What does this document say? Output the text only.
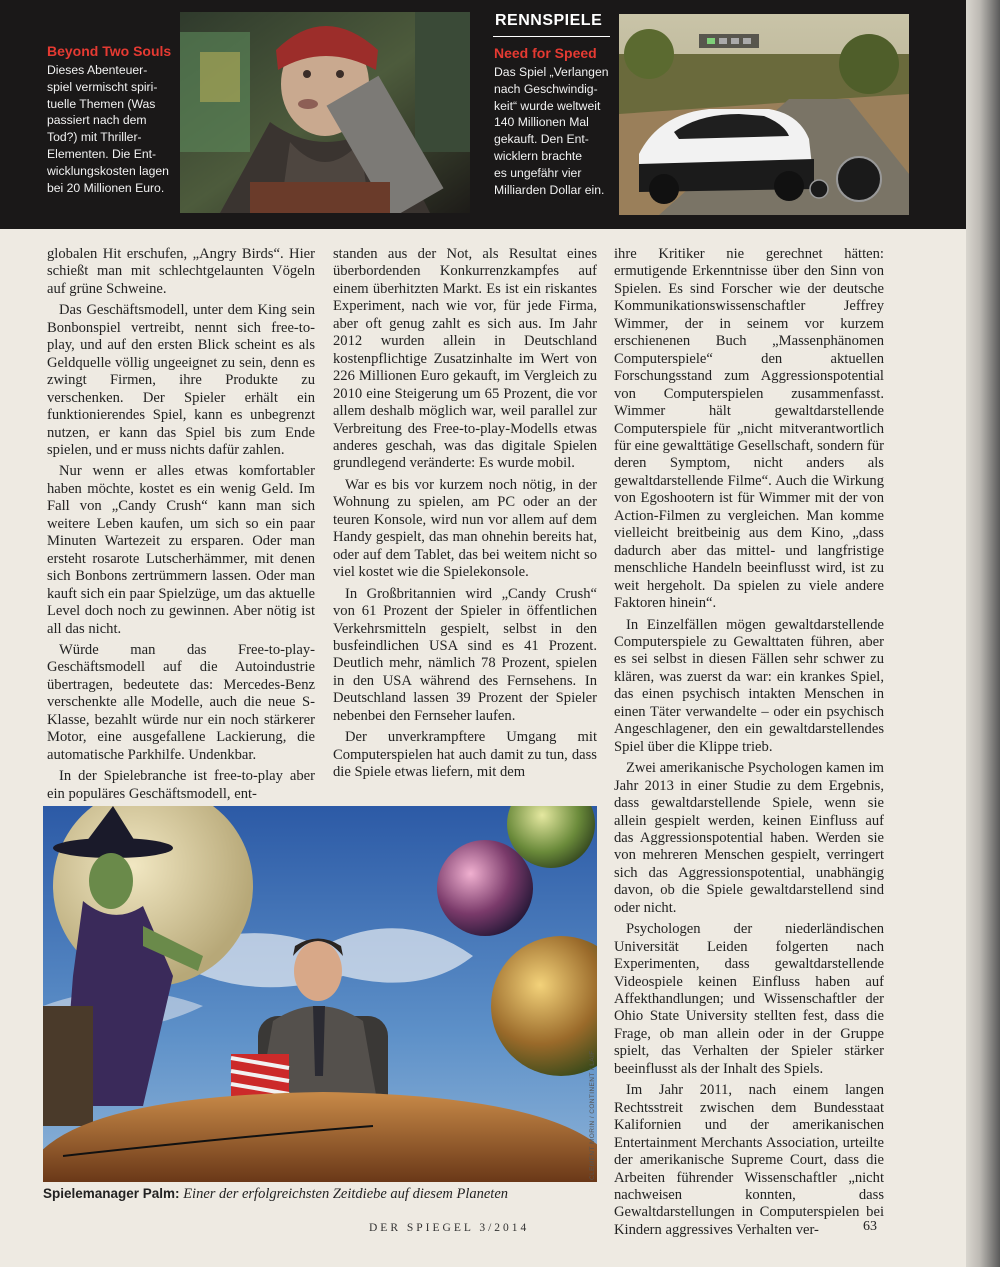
Beyond Two Souls
Dieses Abenteuer-
spiel vermischt spiri-
tuelle Themen (Was
passiert nach dem
Tod?) mit Thriller-
Elementen. Die Ent-
wicklungskosten lagen
bei 20 Millionen Euro.
RENNSPIELE
Need for Speed
Das Spiel „Verlangen
nach Geschwindig-
keit“ wurde weltweit
140 Millionen Mal
gekauft. Den Ent-
wicklern brachte
es ungefähr vier
Milliarden Dollar ein.

globalen Hit erschufen, „Angry Birds“. Hier schießt man mit schlechtgelaunten Vögeln auf grüne Schweine.

Das Geschäftsmodell, unter dem King sein Bonbonspiel vertreibt, nennt sich free-to-play, und auf den ersten Blick scheint es als Geldquelle völlig ungeeignet zu sein, denn es zwingt Firmen, ihre Produkte zu verschenken. Der Spieler erhält ein funktionierendes Spiel, kann es unbegrenzt nutzen, er kann das Spiel bis zum Ende spielen, und er muss nichts dafür zahlen.

Nur wenn er alles etwas komfortabler haben möchte, kostet es ein wenig Geld. Im Fall von „Candy Crush“ kann man sich weitere Leben kaufen, um sich so ein paar Minuten Wartezeit zu ersparen. Oder man ersteht rosarote Lutscherhämmer, mit denen sich Bonbons zertrümmern lassen. Oder man kauft sich ein paar Spielzüge, um das aktuelle Level doch noch zu gewinnen. Aber nötig ist all das nicht.

Würde man das Free-to-play-Geschäftsmodell auf die Autoindustrie übertragen, bedeutete das: Mercedes-Benz verschenkte alle Modelle, auch die neue S-Klasse, bezahlt würde nur ein noch stärkerer Motor, eine ausgefallene Lackierung, die automatische Parkhilfe. Undenkbar.

In der Spielebranche ist free-to-play aber ein populäres Geschäftsmodell, ent-

standen aus der Not, als Resultat eines überbordenden Konkurrenzkampfes auf einem überhitzten Markt. Es ist ein riskantes Experiment, nach wie vor, für jede Firma, aber oft genug zahlt es sich aus. Im Jahr 2012 wurden allein in Deutschland kostenpflichtige Zusatzinhalte im Wert von 226 Millionen Euro gekauft, im Vergleich zu 2010 eine Steigerung um 65 Prozent, die vor allem deshalb möglich war, weil parallel zur Verbreitung des Free-to-play-Modells etwas anderes geschah, was das digitale Spielen grundlegend veränderte: Es wurde mobil.

War es bis vor kurzem noch nötig, in der Wohnung zu spielen, am PC oder an der teuren Konsole, wird nun vor allem auf dem Handy gespielt, das man ohnehin bereits hat, oder auf dem Tablet, das bei weitem nicht so viel kostet wie die Spielekonsole.

In Großbritannien wird „Candy Crush“ von 61 Prozent der Spieler in öffentlichen Verkehrsmitteln gespielt, selbst in den busfeindlichen USA sind es 41 Prozent. Deutlich mehr, nämlich 78 Prozent, spielen in den USA während des Fernsehens. In Deutschland lassen 39 Prozent der Spieler nebenbei den Fernseher laufen.

Der unverkrampftere Umgang mit Computerspielen hat auch damit zu tun, dass die Spiele etwas liefern, mit dem

ihre Kritiker nie gerechnet hätten: ermutigende Erkenntnisse über den Sinn von Spielen. Es sind Forscher wie der deutsche Kommunikationswissenschaftler Jeffrey Wimmer, der in seinem vor kurzem erschienenen Buch „Massenphänomen Computerspiele“ den aktuellen Forschungsstand zum Aggressionspotential von Computerspielen zusammenfasst. Wimmer hält gewaltdarstellende Computerspiele für „nicht mitverantwortlich für eine gewalttätige Gesellschaft, sondern für deren Symptom, nicht anders als gewaltdarstellende Filme“. Auch die Wirkung von Egoshootern ist für Wimmer mit der von Action-Filmen zu vergleichen. Man komme vielleicht breitbeinig aus dem Kino, „dass dadurch aber das mittel- und langfristige menschliche Handeln beeinflusst wird, ist zu weit hergeholt. Da spielen zu viele andere Faktoren hinein“.

In Einzelfällen mögen gewaltdarstellende Computerspiele zu Gewalttaten führen, aber es sei selbst in diesen Fällen sehr schwer zu klären, was zuerst da war: ein krankes Spiel, das einen psychisch intakten Menschen in einen Täter verwandelte – oder ein psychisch Angeschlagener, den ein gewaltdarstellendes Spiel über die Klippe trieb.

Zwei amerikanische Psychologen kamen im Jahr 2013 in einer Studie zu dem Ergebnis, dass gewaltdarstellende Spiele, wenn sie allein gespielt werden, keinen Einfluss auf das Aggressionspotential haben. Werden sie von mehreren Menschen gespielt, verringert sich das Aggressionspotential, unabhängig davon, ob die Spiele gewaltdarstellend sind oder nicht.

Psychologen der niederländischen Universität Leiden folgerten nach Experimenten, dass gewaltdarstellende Videospiele keinen Einfluss haben auf Affekthandlungen; und Wissenschaftler der Ohio State University stellten fest, dass die Frage, ob man allein oder in der Gruppe spielt, das Verhalten der Spieler stärker beeinflusst als der Inhalt des Spiels.

Im Jahr 2011, nach einem langen Rechtsstreit zwischen dem Bundesstaat Kalifornien und der amerikanischen Entertainment Merchants Association, urteilte der amerikanische Supreme Court, dass die Arbeiten führender Wissenschaftler „nicht nachweisen konnten, dass Gewaltdarstellungen in Computerspielen bei Kindern aggressives Verhalten ver-

CLEMENT MORIN / CONTINENT / LAIF
Spielemanager Palm: Einer der erfolgreichsten Zeitdiebe auf diesem Planeten
DER SPIEGEL 3/2014	63
